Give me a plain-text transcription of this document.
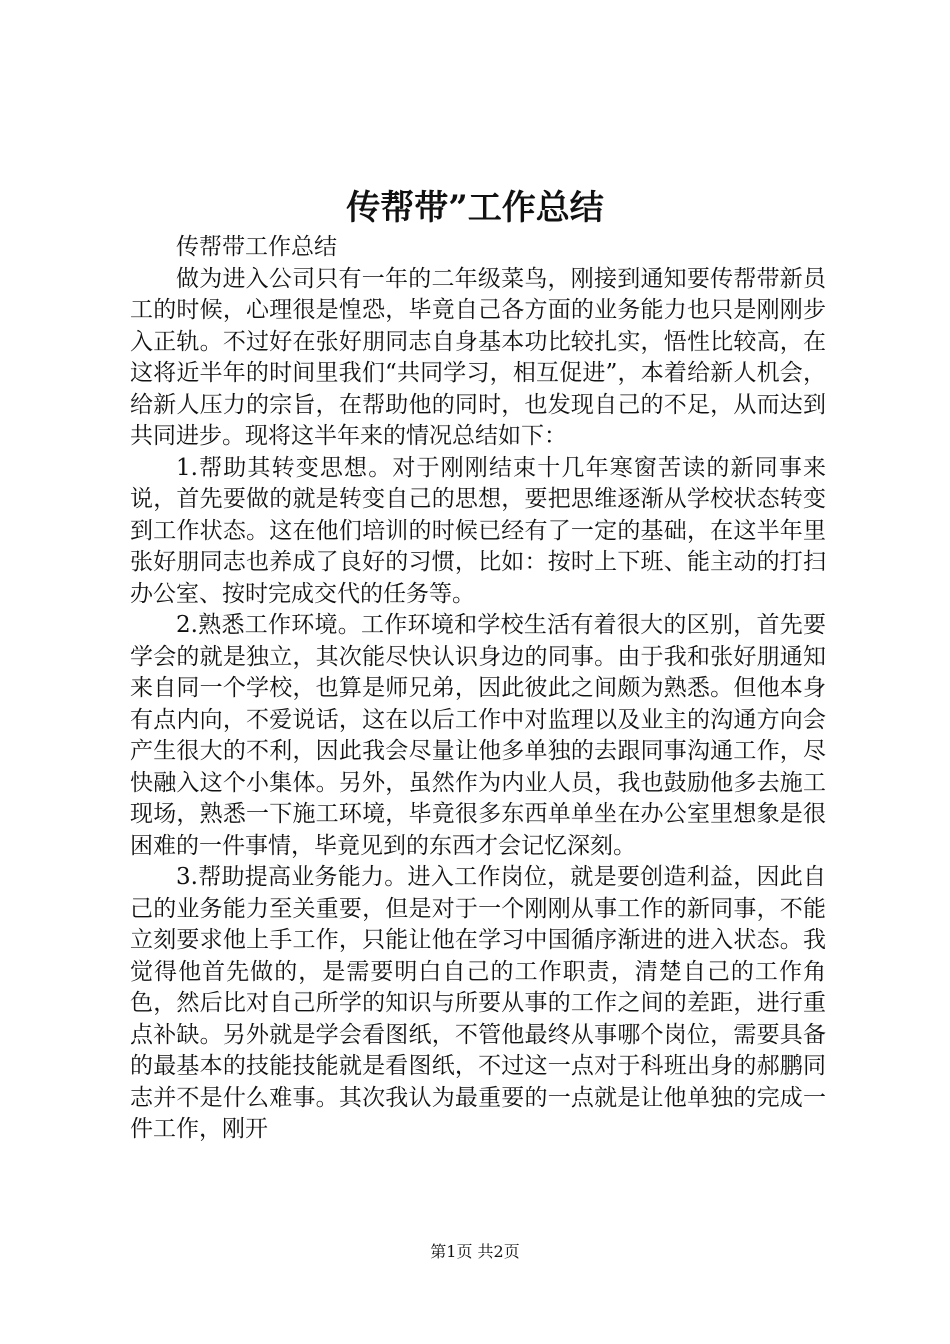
传帮带”工作总结

传帮带工作总结

做为进入公司只有一年的二年级菜鸟，刚接到通知要传帮带新员工的时候，心理很是惶恐，毕竟自己各方面的业务能力也只是刚刚步入正轨。不过好在张好朋同志自身基本功比较扎实，悟性比较高，在这将近半年的时间里我们“共同学习，相互促进”，本着给新人机会，给新人压力的宗旨，在帮助他的同时，也发现自己的不足，从而达到共同进步。现将这半年来的情况总结如下：

1.帮助其转变思想。对于刚刚结束十几年寒窗苦读的新同事来说，首先要做的就是转变自己的思想，要把思维逐渐从学校状态转变到工作状态。这在他们培训的时候已经有了一定的基础，在这半年里张好朋同志也养成了良好的习惯，比如：按时上下班、能主动的打扫办公室、按时完成交代的任务等。

2.熟悉工作环境。工作环境和学校生活有着很大的区别，首先要学会的就是独立，其次能尽快认识身边的同事。由于我和张好朋通知来自同一个学校，也算是师兄弟，因此彼此之间颇为熟悉。但他本身有点内向，不爱说话，这在以后工作中对监理以及业主的沟通方向会产生很大的不利，因此我会尽量让他多单独的去跟同事沟通工作，尽快融入这个小集体。另外，虽然作为内业人员，我也鼓励他多去施工现场，熟悉一下施工环境，毕竟很多东西单单坐在办公室里想象是很困难的一件事情，毕竟见到的东西才会记忆深刻。

3.帮助提高业务能力。进入工作岗位，就是要创造利益，因此自己的业务能力至关重要，但是对于一个刚刚从事工作的新同事，不能立刻要求他上手工作，只能让他在学习中国循序渐进的进入状态。我觉得他首先做的，是需要明白自己的工作职责，清楚自己的工作角色，然后比对自己所学的知识与所要从事的工作之间的差距，进行重点补缺。另外就是学会看图纸，不管他最终从事哪个岗位，需要具备的最基本的技能技能就是看图纸，不过这一点对于科班出身的郝鹏同志并不是什么难事。其次我认为最重要的一点就是让他单独的完成一件工作，刚开

第1页 共2页
